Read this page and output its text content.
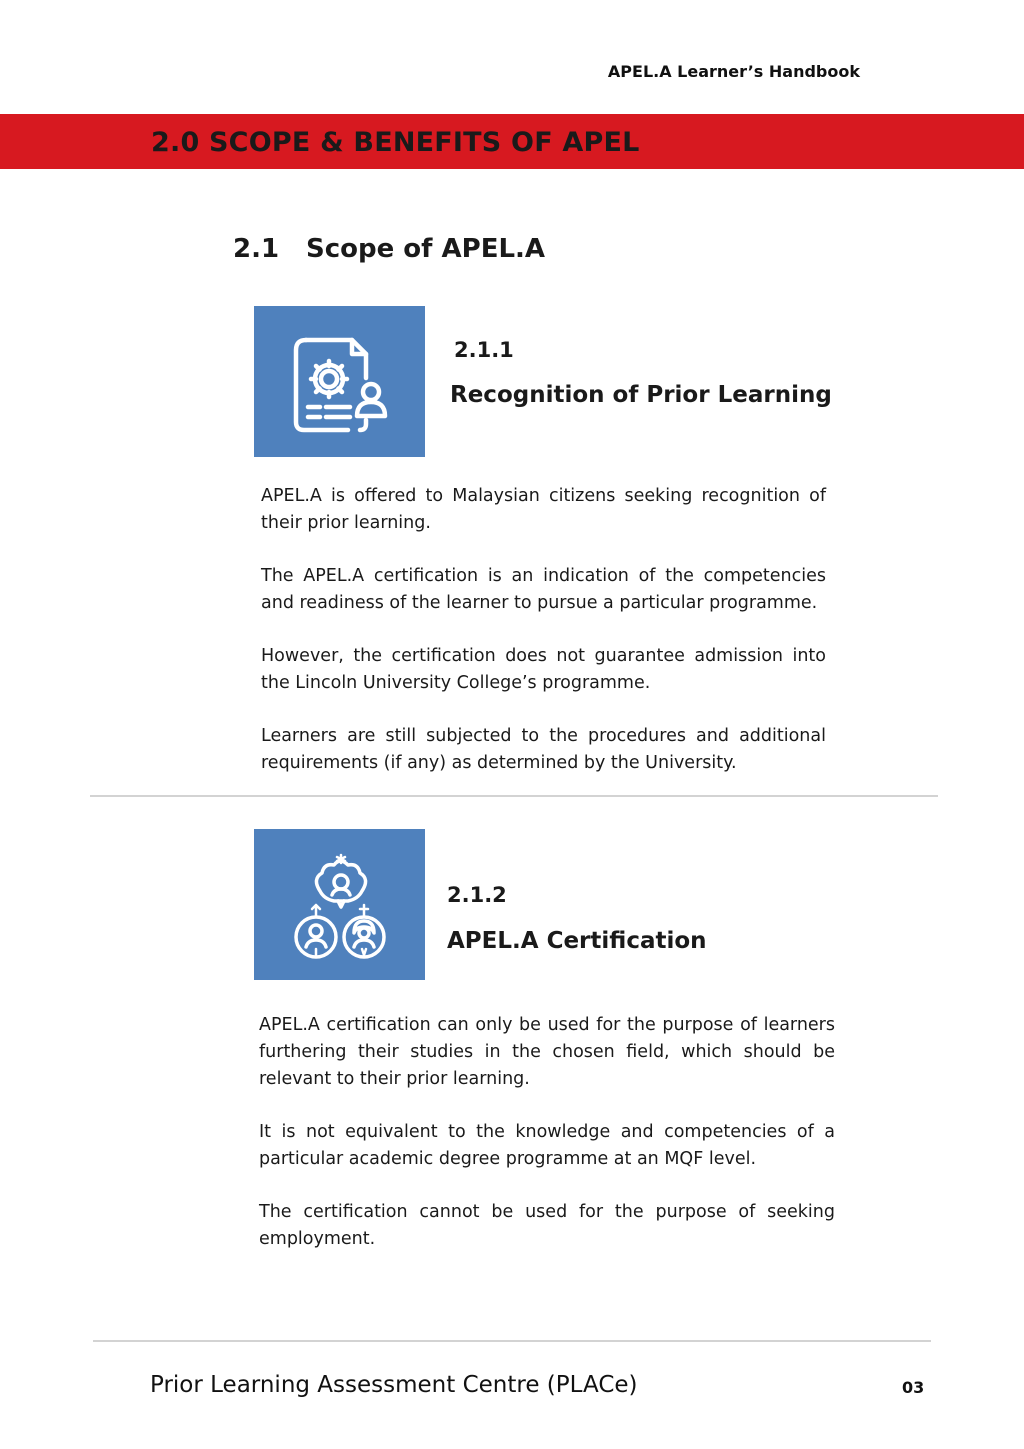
APEL.A Learner’s Handbook
2.0 SCOPE & BENEFITS OF APEL
2.1 Scope of APEL.A
2.1.1
Recognition of Prior Learning

APEL.A is offered to Malaysian citizens seeking recognition of their prior learning.

The APEL.A certification is an indication of the competencies and readiness of the learner to pursue a particular programme.

However, the certification does not guarantee admission into the Lincoln University College’s programme.

Learners are still subjected to the procedures and additional requirements (if any) as determined by the University.

2.1.2
APEL.A Certification

APEL.A certification can only be used for the purpose of learners furthering their studies in the chosen field, which should be relevant to their prior learning.

It is not equivalent to the knowledge and competencies of a particular academic degree programme at an MQF level.

The certification cannot be used for the purpose of seeking employment.

Prior Learning Assessment Centre (PLACe)	03
